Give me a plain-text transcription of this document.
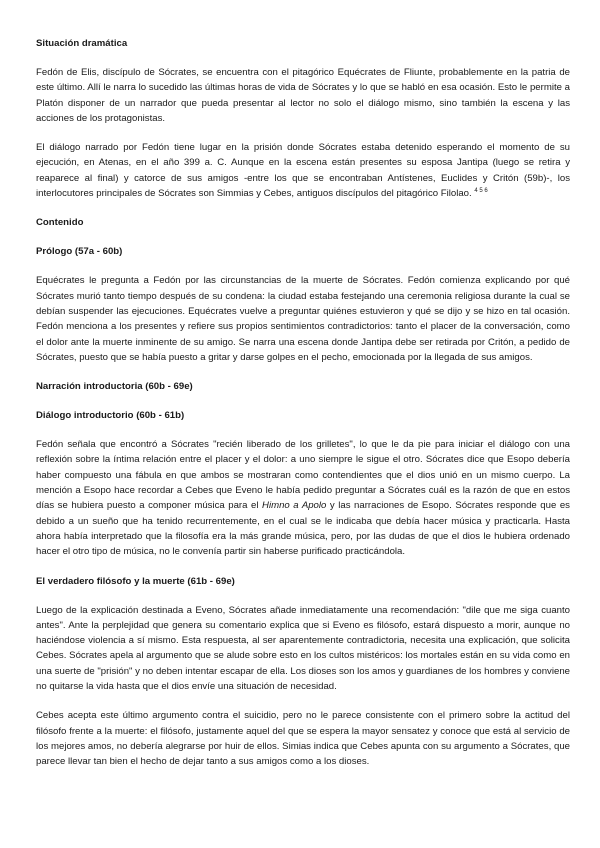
Situación dramática

Fedón de Elis, discípulo de Sócrates, se encuentra con el pitagórico Equécrates de Fliunte, probablemente en la patria de este último. Allí le narra lo sucedido las últimas horas de vida de Sócrates y lo que se habló en esa ocasión. Esto le permite a Platón disponer de un narrador que pueda presentar al lector no solo el diálogo mismo, sino también la escena y las acciones de los protagonistas.

El diálogo narrado por Fedón tiene lugar en la prisión donde Sócrates estaba detenido esperando el momento de su ejecución, en Atenas, en el año 399 a. C. Aunque en la escena están presentes su esposa Jantipa (luego se retira y reaparece al final) y catorce de sus amigos -entre los que se encontraban Antístenes, Euclides y Critón (59b)-, los interlocutores principales de Sócrates son Simmias y Cebes, antiguos discípulos del pitagórico Filolao. $^{4 5 6}$

Contenido
Prólogo (57a - 60b)

Equécrates le pregunta a Fedón por las circunstancias de la muerte de Sócrates. Fedón comienza explicando por qué Sócrates murió tanto tiempo después de su condena: la ciudad estaba festejando una ceremonia religiosa durante la cual se debían suspender las ejecuciones. Equécrates vuelve a preguntar quiénes estuvieron y qué se dijo y se hizo en tal ocasión. Fedón menciona a los presentes y refiere sus propios sentimientos contradictorios: tanto el placer de la conversación, como el dolor ante la muerte inminente de su amigo. Se narra una escena donde Jantipa debe ser retirada por Critón, a pedido de Sócrates, puesto que se había puesto a gritar y darse golpes en el pecho, emocionada por la llegada de sus amigos.

Narración introductoria (60b - 69e)
Diálogo introductorio (60b - 61b)

Fedón señala que encontró a Sócrates "recién liberado de los grilletes", lo que le da pie para iniciar el diálogo con una reflexión sobre la íntima relación entre el placer y el dolor: a uno siempre le sigue el otro. Sócrates dice que Esopo debería haber compuesto una fábula en que ambos se mostraran como contendientes que el dios unió en un mismo cuerpo. La mención a Esopo hace recordar a Cebes que Eveno le había pedido preguntar a Sócrates cuál es la razón de que en estos días se hubiera puesto a componer música para el Himno a Apolo y las narraciones de Esopo. Sócrates responde que es debido a un sueño que ha tenido recurrentemente, en el cual se le indicaba que debía hacer música y practicarla. Hasta ahora había interpretado que la filosofía era la más grande música, pero, por las dudas de que el dios le hubiera ordenado hacer el otro tipo de música, no le convenía partir sin haberse purificado practicándola.

El verdadero filósofo y la muerte (61b - 69e)

Luego de la explicación destinada a Eveno, Sócrates añade inmediatamente una recomendación: "dile que me siga cuanto antes". Ante la perplejidad que genera su comentario explica que si Eveno es filósofo, estará dispuesto a morir, aunque no haciéndose violencia a sí mismo. Esta respuesta, al ser aparentemente contradictoria, necesita una explicación, que solicita Cebes. Sócrates apela al argumento que se alude sobre esto en los cultos mistéricos: los mortales están en su vida como en una suerte de "prisión" y no deben intentar escapar de ella. Los dioses son los amos y guardianes de los hombres y conviene no quitarse la vida hasta que el dios envíe una situación de necesidad.

Cebes acepta este último argumento contra el suicidio, pero no le parece consistente con el primero sobre la actitud del filósofo frente a la muerte: el filósofo, justamente aquel del que se espera la mayor sensatez y conoce que está al servicio de los mejores amos, no debería alegrarse por huir de ellos. Simias indica que Cebes apunta con su argumento a Sócrates, que parece llevar tan bien el hecho de dejar tanto a sus amigos como a los dioses.
